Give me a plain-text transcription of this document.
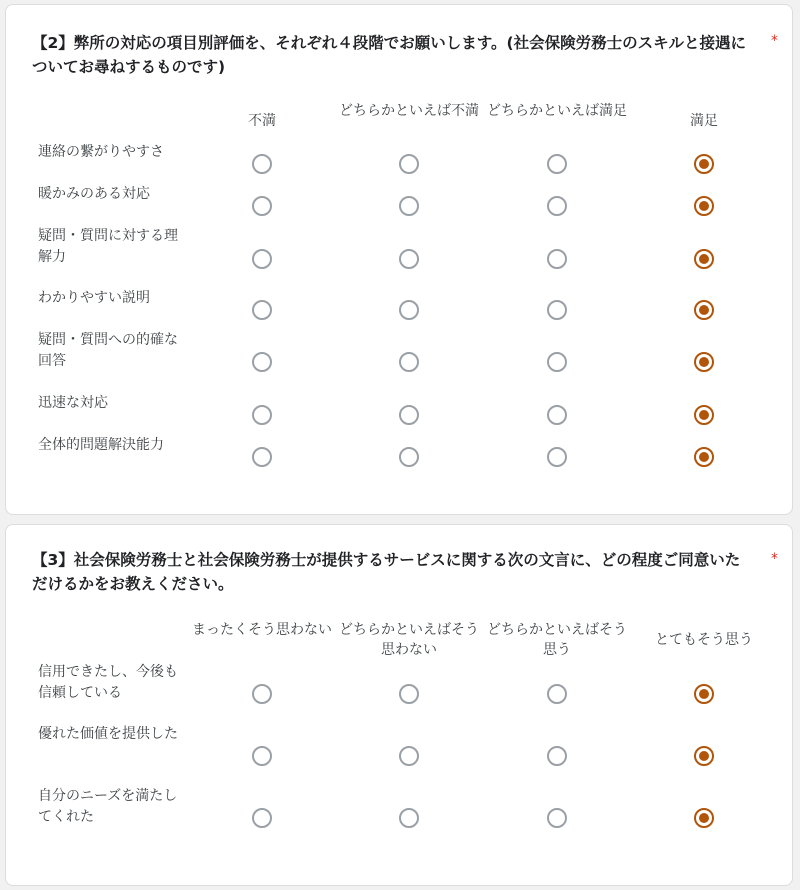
【2】弊所の対応の項目別評価を、それぞれ４段階でお願いします。(社会保険労務士のスキルと接遇についてお尋ねするものです)
*
不満
どちらかといえば不満 どちらかといえば満足
満足
連絡の繋がりやすさ
暖かみのある対応
疑問・質問に対する理解力
わかりやすい説明
疑問・質問への的確な回答
迅速な対応
全体的問題解決能力
【3】社会保険労務士と社会保険労務士が提供するサービスに関する次の文言に、どの程度ご同意いただけるかをお教えください。
*
まったくそう思わない どちらかといえばそう思わない
どちらかといえばそう思う
とてもそう思う
信用できたし、今後も信頼している
優れた価値を提供した
自分のニーズを満たしてくれた
